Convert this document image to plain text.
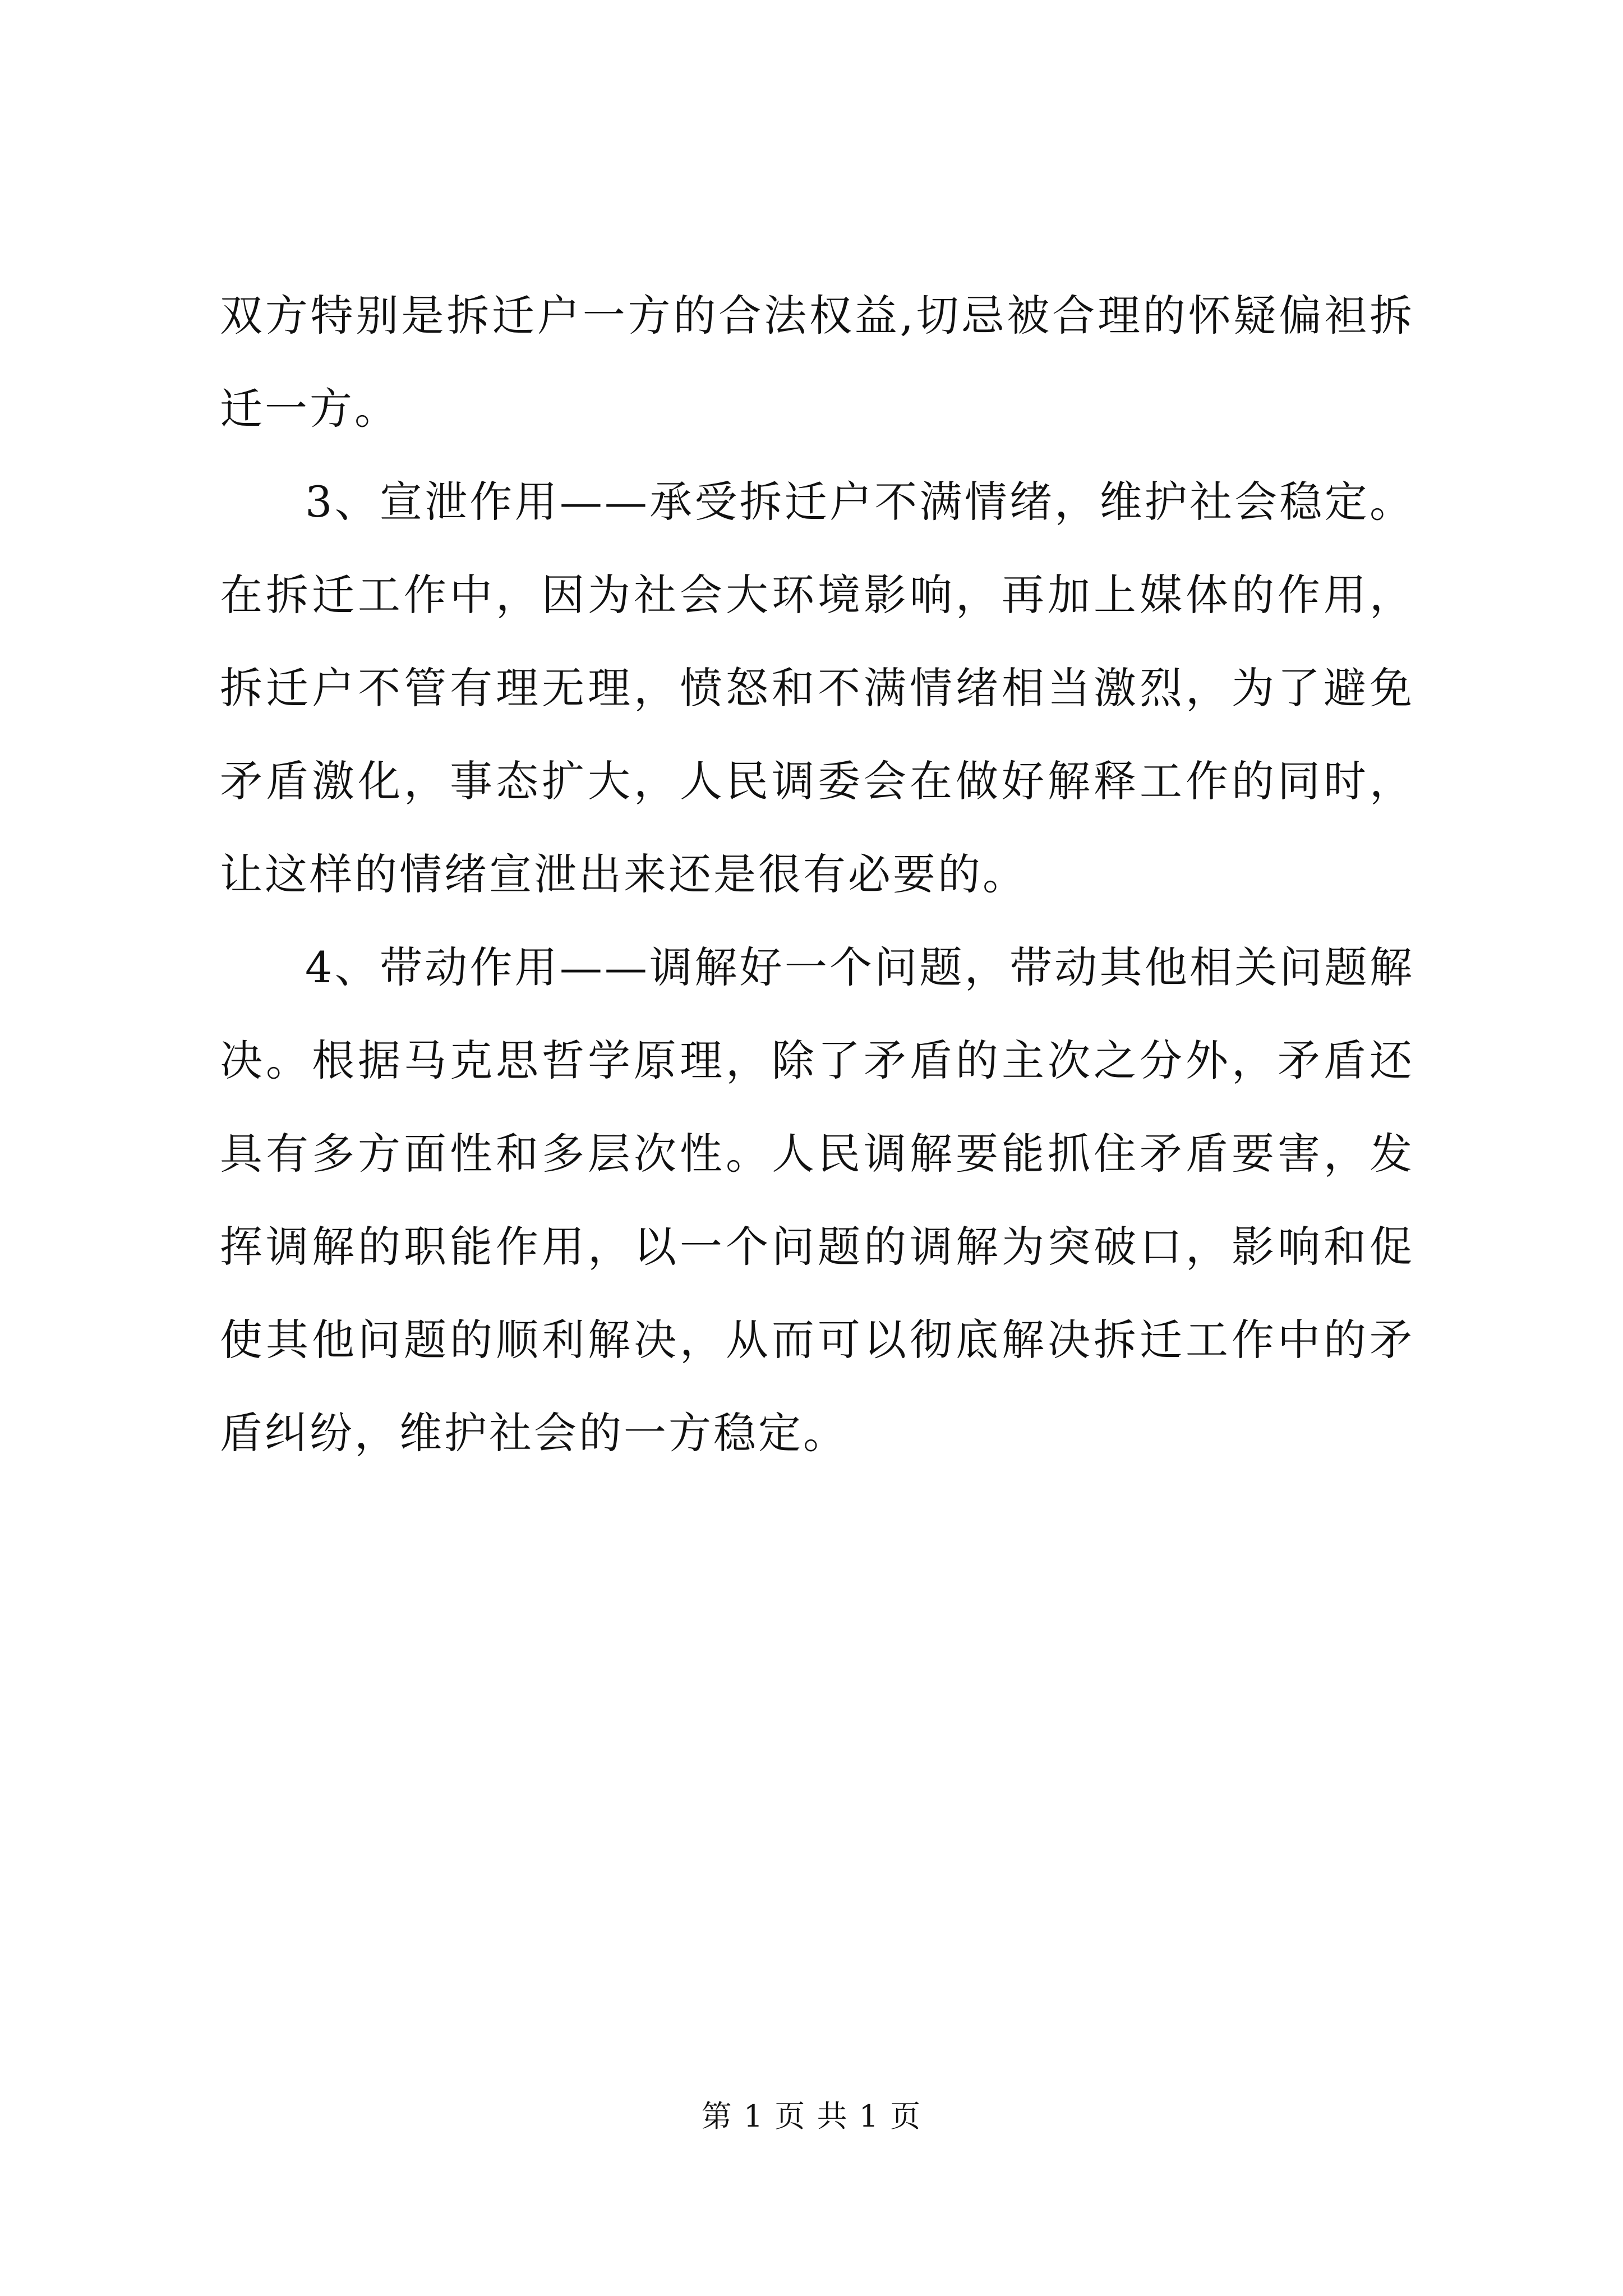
双方特别是拆迁户一方的合法权益,切忌被合理的怀疑偏袒拆迁一方。

3、宣泄作用——承受拆迁户不满情绪，维护社会稳定。在拆迁工作中，因为社会大环境影响，再加上媒体的作用，拆迁户不管有理无理，愤怒和不满情绪相当激烈，为了避免矛盾激化，事态扩大，人民调委会在做好解释工作的同时，让这样的情绪宣泄出来还是很有必要的。

4、带动作用——调解好一个问题，带动其他相关问题解决。根据马克思哲学原理，除了矛盾的主次之分外，矛盾还具有多方面性和多层次性。人民调解要能抓住矛盾要害，发挥调解的职能作用，以一个问题的调解为突破口，影响和促使其他问题的顺利解决，从而可以彻底解决拆迁工作中的矛盾纠纷，维护社会的一方稳定。

第 1 页 共 1 页
